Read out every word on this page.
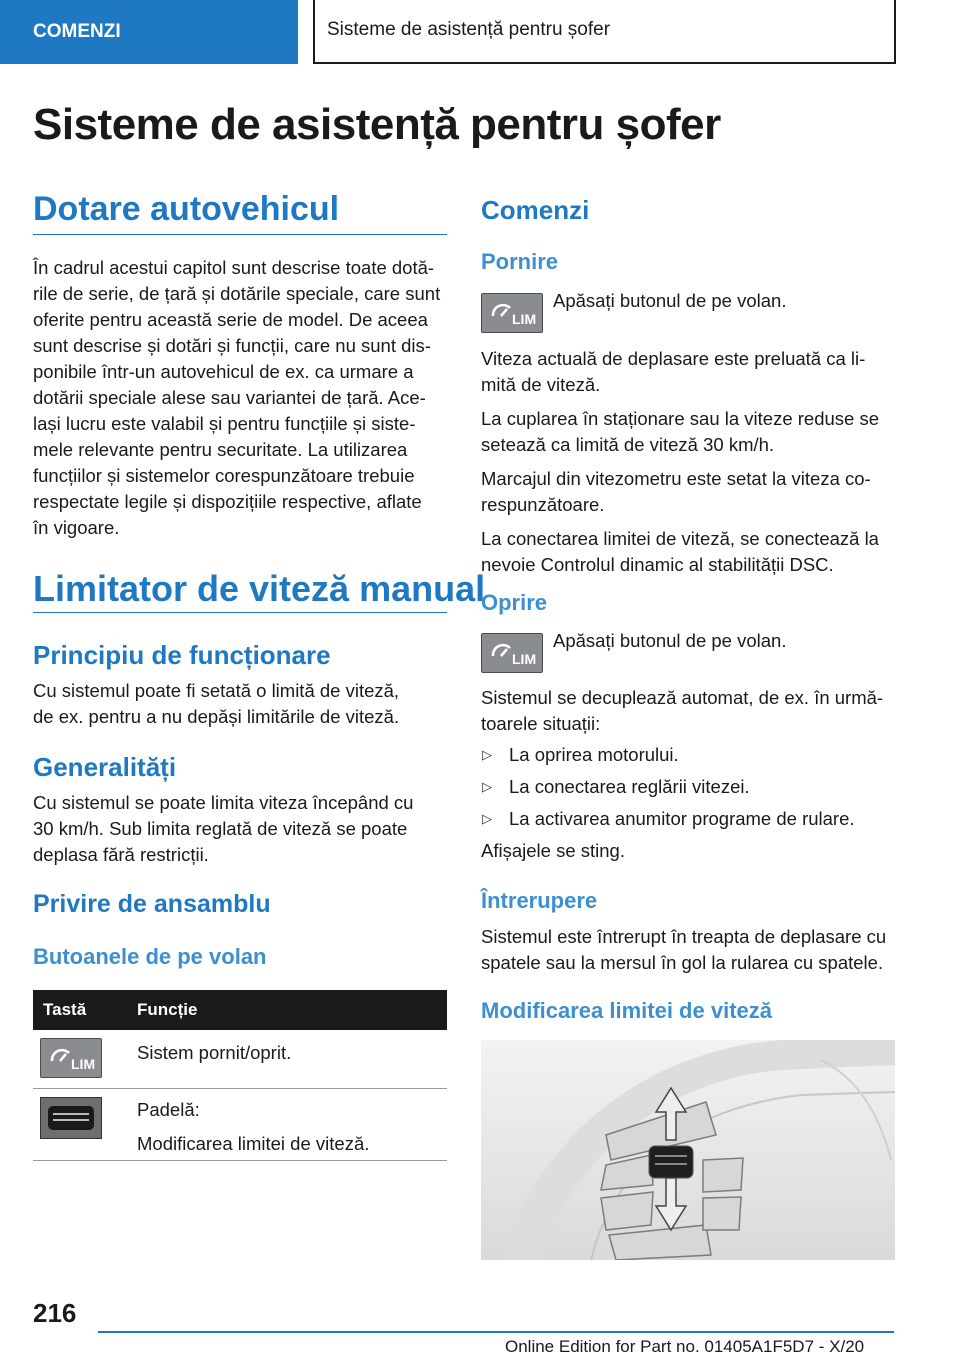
COMENZI	Sisteme de asistență pentru șofer
Sisteme de asistență pentru șofer
Dotare autovehicul
În cadrul acestui capitol sunt descrise toate dotă‐
rile de serie, de țară și dotările speciale, care sunt
oferite pentru această serie de model. De aceea
sunt descrise și dotări și funcții, care nu sunt dis‐
ponibile într-un autovehicul de ex. ca urmare a
dotării speciale alese sau variantei de țară. Ace‐
lași lucru este valabil și pentru funcțiile și siste‐
mele relevante pentru securitate. La utilizarea
funcțiilor și sistemelor corespunzătoare trebuie
respectate legile și dispozițiile respective, aflate
în vigoare.
Limitator de viteză manual
Principiu de funcționare
Cu sistemul poate fi setată o limită de viteză,
de ex. pentru a nu depăși limitările de viteză.
Generalități
Cu sistemul se poate limita viteza începând cu
30 km/h. Sub limita reglată de viteză se poate
deplasa fără restricții.
Privire de ansamblu
Butoanele de pe volan
Tastă	Funcție
LIM
Sistem pornit/oprit.
Padelă:
Modificarea limitei de viteză.
Comenzi
Pornire
LIM
Apăsați butonul de pe volan.
Viteza actuală de deplasare este preluată ca li‐
mită de viteză.
La cuplarea în staționare sau la viteze reduse se
setează ca limită de viteză 30 km/h.
Marcajul din vitezometru este setat la viteza co‐
respunzătoare.
La conectarea limitei de viteză, se conectează la
nevoie Controlul dinamic al stabilității DSC.
Oprire
LIM
Apăsați butonul de pe volan.
Sistemul se decuplează automat, de ex. în urmă‐
toarele situații:
▷ La oprirea motorului.
▷ La conectarea reglării vitezei.
▷ La activarea anumitor programe de rulare.
Afișajele se sting.
Întrerupere
Sistemul este întrerupt în treapta de deplasare cu
spatele sau la mersul în gol la rularea cu spatele.
Modificarea limitei de viteză
216
Online Edition for Part no. 01405A1F5D7 - X/20
